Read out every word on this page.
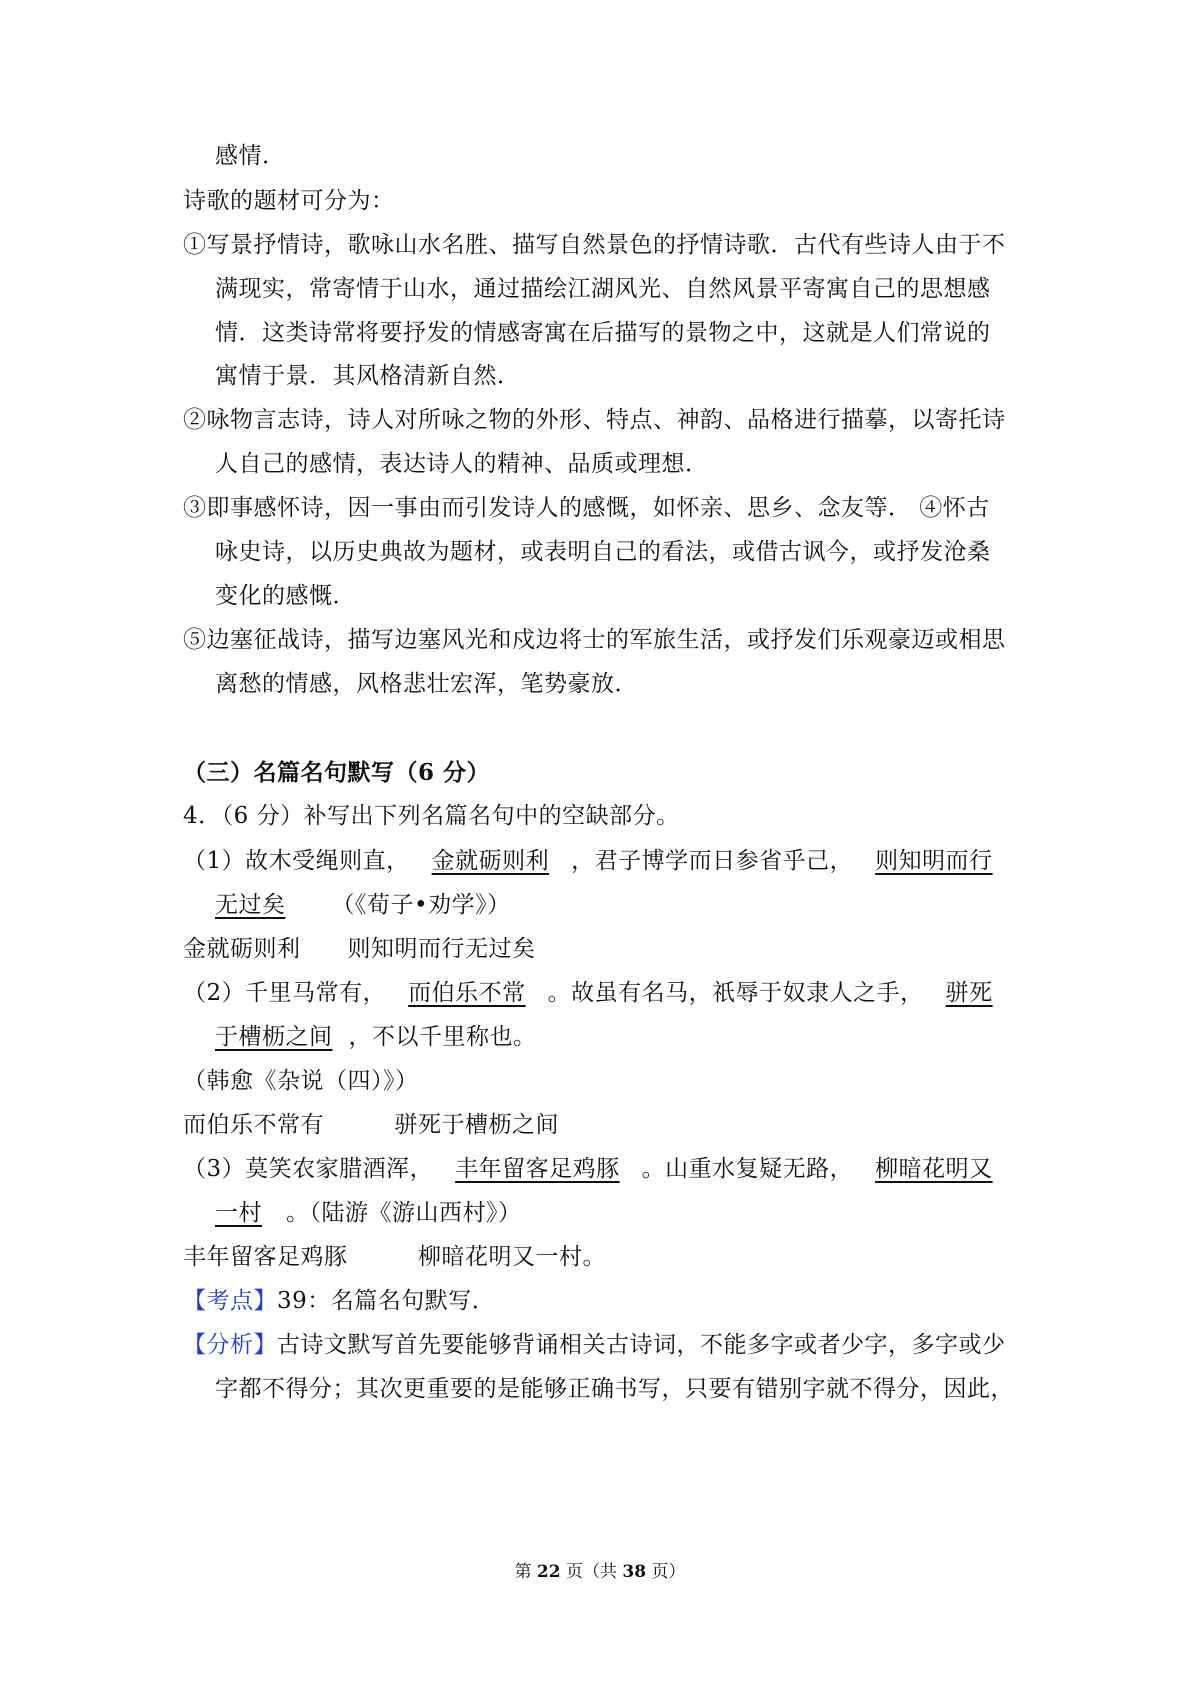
感情．
诗歌的题材可分为：
①写景抒情诗，歌咏山水名胜、描写自然景色的抒情诗歌．古代有些诗人由于不
满现实，常寄情于山水，通过描绘江湖风光、自然风景平寄寓自己的思想感
情．这类诗常将要抒发的情感寄寓在后描写的景物之中，这就是人们常说的
寓情于景．其风格清新自然．
②咏物言志诗，诗人对所咏之物的外形、特点、神韵、品格进行描摹，以寄托诗
人自己的感情，表达诗人的精神、品质或理想．
③即事感怀诗，因一事由而引发诗人的感慨，如怀亲、思乡、念友等． ④怀古
咏史诗，以历史典故为题材，或表明自己的看法，或借古讽今，或抒发沧桑
变化的感慨．
⑤边塞征战诗，描写边塞风光和戍边将士的军旅生活，或抒发们乐观豪迈或相思
离愁的情感，风格悲壮宏浑，笔势豪放．
（三）名篇名句默写（6 分）
4．（6 分）补写出下列名篇名句中的空缺部分。
（1）故木受绳则直， 金就砺则利 ，君子博学而日参省乎己， 则知明而行
无过矣 （《荀子•劝学》）
金就砺则利　　则知明而行无过矣
（2）千里马常有， 而伯乐不常 。故虽有名马，祇辱于奴隶人之手， 骈死
于槽枥之间 ，不以千里称也。
（韩愈《杂说（四）》）
而伯乐不常有　　　骈死于槽枥之间
（3）莫笑农家腊酒浑， 丰年留客足鸡豚 。山重水复疑无路， 柳暗花明又
一村 。（陆游《游山西村》）
丰年留客足鸡豚　　　柳暗花明又一村。
【考点】39：名篇名句默写．
【分析】古诗文默写首先要能够背诵相关古诗词，不能多字或者少字，多字或少
字都不得分；其次更重要的是能够正确书写，只要有错别字就不得分，因此，
第 22 页（共 38 页）
